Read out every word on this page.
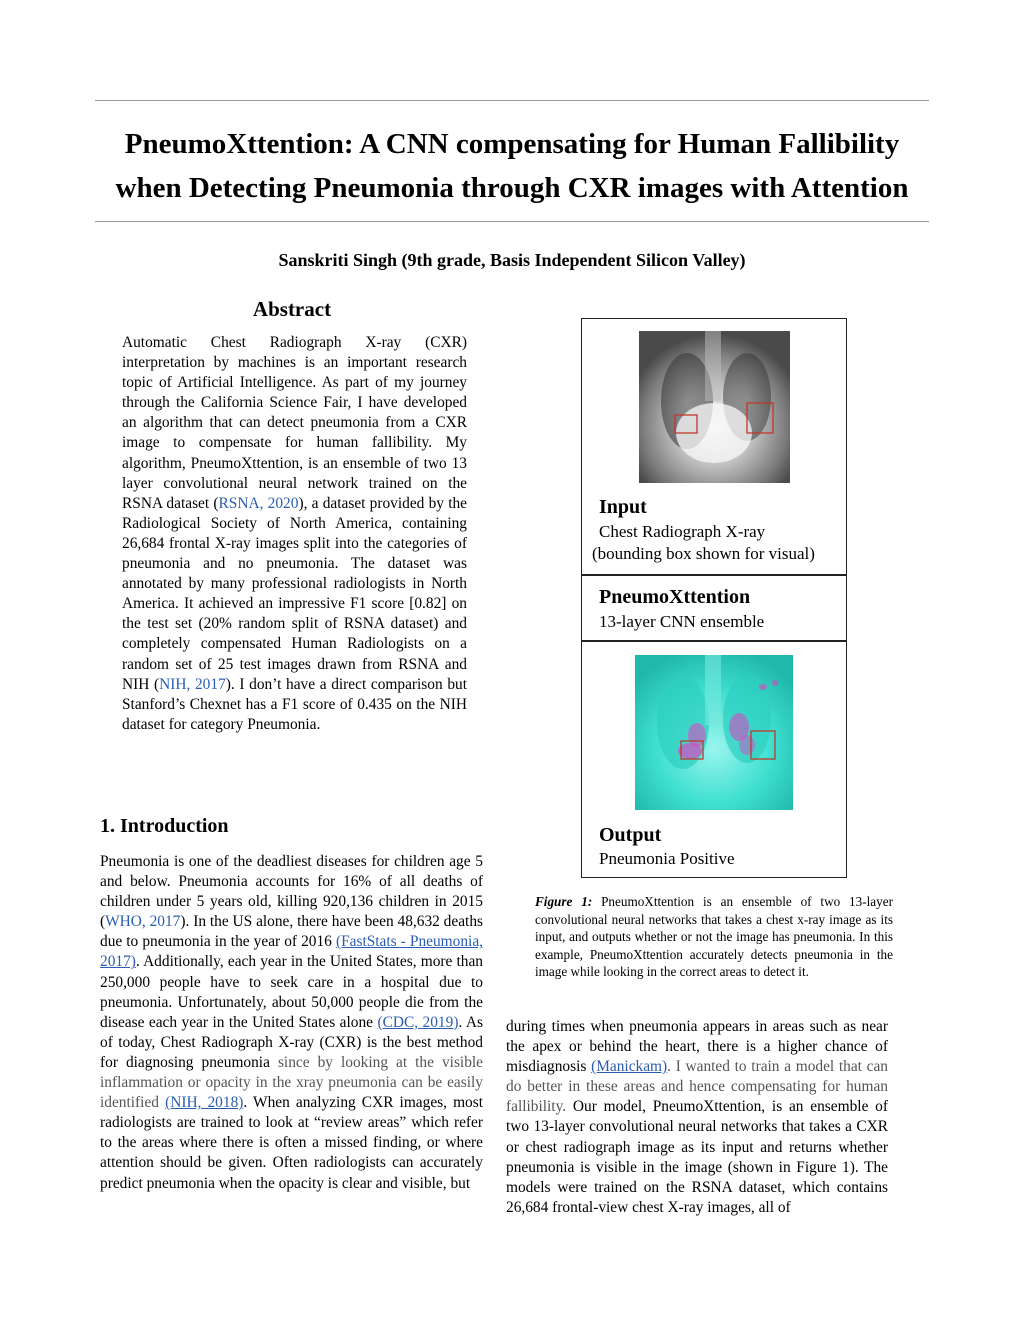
PneumoXttention: A CNN compensating for Human Fallibility
when Detecting Pneumonia through CXR images with Attention
Sanskriti Singh (9th grade, Basis Independent Silicon Valley)
Abstract

Automatic Chest Radiograph X-ray (CXR) interpretation by machines is an important research topic of Artificial Intelligence. As part of my journey through the California Science Fair, I have developed an algorithm that can detect pneumonia from a CXR image to compensate for human fallibility. My algorithm, PneumoXttention, is an ensemble of two 13 layer convolutional neural network trained on the RSNA dataset (RSNA, 2020), a dataset provided by the Radiological Society of North America, containing 26,684 frontal X-ray images split into the categories of pneumonia and no pneumonia. The dataset was annotated by many professional radiologists in North America. It achieved an impressive F1 score [0.82] on the test set (20% random split of RSNA dataset) and completely compensated Human Radiologists on a random set of 25 test images drawn from RSNA and NIH (NIH, 2017). I don’t have a direct comparison but Stanford’s Chexnet has a F1 score of 0.435 on the NIH dataset for category Pneumonia.

1. Introduction

Pneumonia is one of the deadliest diseases for children age 5 and below. Pneumonia accounts for 16% of all deaths of children under 5 years old, killing 920,136 children in 2015 (WHO, 2017). In the US alone, there have been 48,632 deaths due to pneumonia in the year of 2016 (FastStats - Pneumonia, 2017). Additionally, each year in the United States, more than 250,000 people have to seek care in a hospital due to pneumonia. Unfortunately, about 50,000 people die from the disease each year in the United States alone (CDC, 2019). As of today, Chest Radiograph X-ray (CXR) is the best method for diagnosing pneumonia since by looking at the visible inflammation or opacity in the xray pneumonia can be easily identified (NIH, 2018). When analyzing CXR images, most radiologists are trained to look at “review areas” which refer to the areas where there is often a missed finding, or where attention should be given. Often radiologists can accurately predict pneumonia when the opacity is clear and visible, but

Input
Chest Radiograph X-ray
(bounding box shown for visual)
PneumoXttention
13-layer CNN ensemble
Output
Pneumonia Positive
Figure 1: PneumoXttention is an ensemble of two 13-layer convolutional neural networks that takes a chest x-ray image as its input, and outputs whether or not the image has pneumonia. In this example, PneumoXttention accurately detects pneumonia in the image while looking in the correct areas to detect it.

during times when pneumonia appears in areas such as near the apex or behind the heart, there is a higher chance of misdiagnosis (Manickam). I wanted to train a model that can do better in these areas and hence compensating for human fallibility. Our model, PneumoXttention, is an ensemble of two 13-layer convolutional neural networks that takes a CXR or chest radiograph image as its input and returns whether pneumonia is visible in the image (shown in Figure 1). The models were trained on the RSNA dataset, which contains 26,684 frontal-view chest X-ray images, all of
